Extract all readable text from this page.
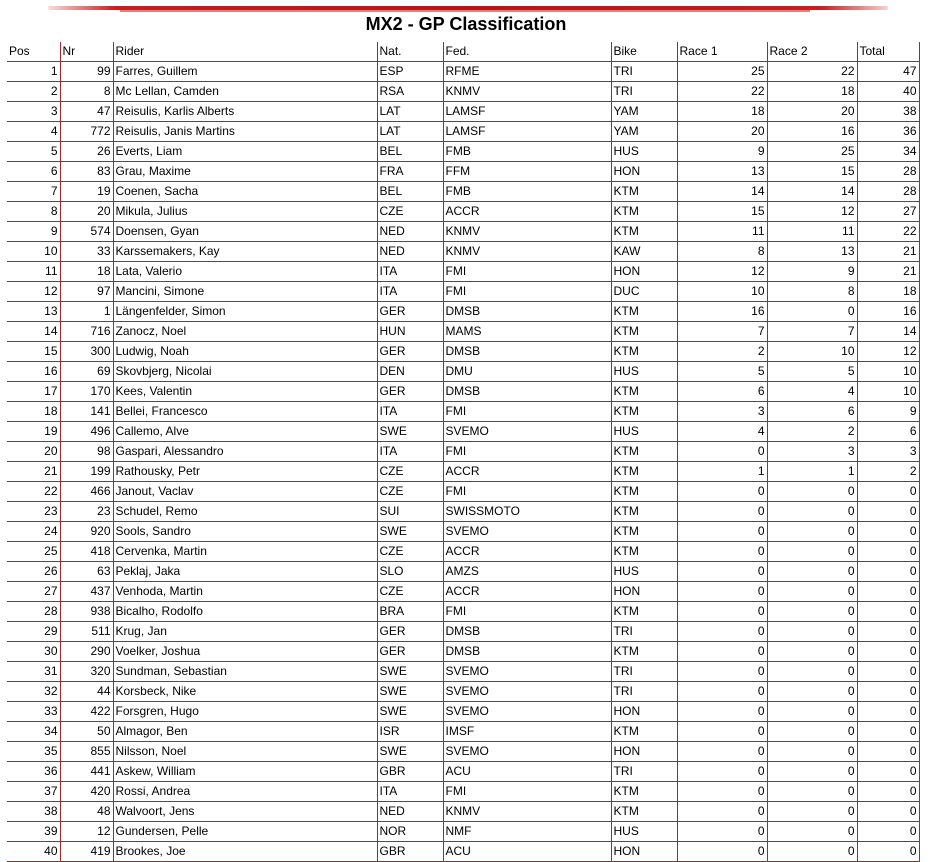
MX2 - GP Classification
Pos	Nr	Rider	Nat.	Fed.	Bike	Race 1	Race 2	Total
1	99	Farres, Guillem	ESP	RFME	TRI	25	22	47
2	8	Mc Lellan, Camden	RSA	KNMV	TRI	22	18	40
3	47	Reisulis, Karlis Alberts	LAT	LAMSF	YAM	18	20	38
4	772	Reisulis, Janis Martins	LAT	LAMSF	YAM	20	16	36
5	26	Everts, Liam	BEL	FMB	HUS	9	25	34
6	83	Grau, Maxime	FRA	FFM	HON	13	15	28
7	19	Coenen, Sacha	BEL	FMB	KTM	14	14	28
8	20	Mikula, Julius	CZE	ACCR	KTM	15	12	27
9	574	Doensen, Gyan	NED	KNMV	KTM	11	11	22
10	33	Karssemakers, Kay	NED	KNMV	KAW	8	13	21
11	18	Lata, Valerio	ITA	FMI	HON	12	9	21
12	97	Mancini, Simone	ITA	FMI	DUC	10	8	18
13	1	Längenfelder, Simon	GER	DMSB	KTM	16	0	16
14	716	Zanocz, Noel	HUN	MAMS	KTM	7	7	14
15	300	Ludwig, Noah	GER	DMSB	KTM	2	10	12
16	69	Skovbjerg, Nicolai	DEN	DMU	HUS	5	5	10
17	170	Kees, Valentin	GER	DMSB	KTM	6	4	10
18	141	Bellei, Francesco	ITA	FMI	KTM	3	6	9
19	496	Callemo, Alve	SWE	SVEMO	HUS	4	2	6
20	98	Gaspari, Alessandro	ITA	FMI	KTM	0	3	3
21	199	Rathousky, Petr	CZE	ACCR	KTM	1	1	2
22	466	Janout, Vaclav	CZE	FMI	KTM	0	0	0
23	23	Schudel, Remo	SUI	SWISSMOTO	KTM	0	0	0
24	920	Sools, Sandro	SWE	SVEMO	KTM	0	0	0
25	418	Cervenka, Martin	CZE	ACCR	KTM	0	0	0
26	63	Peklaj, Jaka	SLO	AMZS	HUS	0	0	0
27	437	Venhoda, Martin	CZE	ACCR	HON	0	0	0
28	938	Bicalho, Rodolfo	BRA	FMI	KTM	0	0	0
29	511	Krug, Jan	GER	DMSB	TRI	0	0	0
30	290	Voelker, Joshua	GER	DMSB	KTM	0	0	0
31	320	Sundman, Sebastian	SWE	SVEMO	TRI	0	0	0
32	44	Korsbeck, Nike	SWE	SVEMO	TRI	0	0	0
33	422	Forsgren, Hugo	SWE	SVEMO	HON	0	0	0
34	50	Almagor, Ben	ISR	IMSF	KTM	0	0	0
35	855	Nilsson, Noel	SWE	SVEMO	HON	0	0	0
36	441	Askew, William	GBR	ACU	TRI	0	0	0
37	420	Rossi, Andrea	ITA	FMI	KTM	0	0	0
38	48	Walvoort, Jens	NED	KNMV	KTM	0	0	0
39	12	Gundersen, Pelle	NOR	NMF	HUS	0	0	0
40	419	Brookes, Joe	GBR	ACU	HON	0	0	0
